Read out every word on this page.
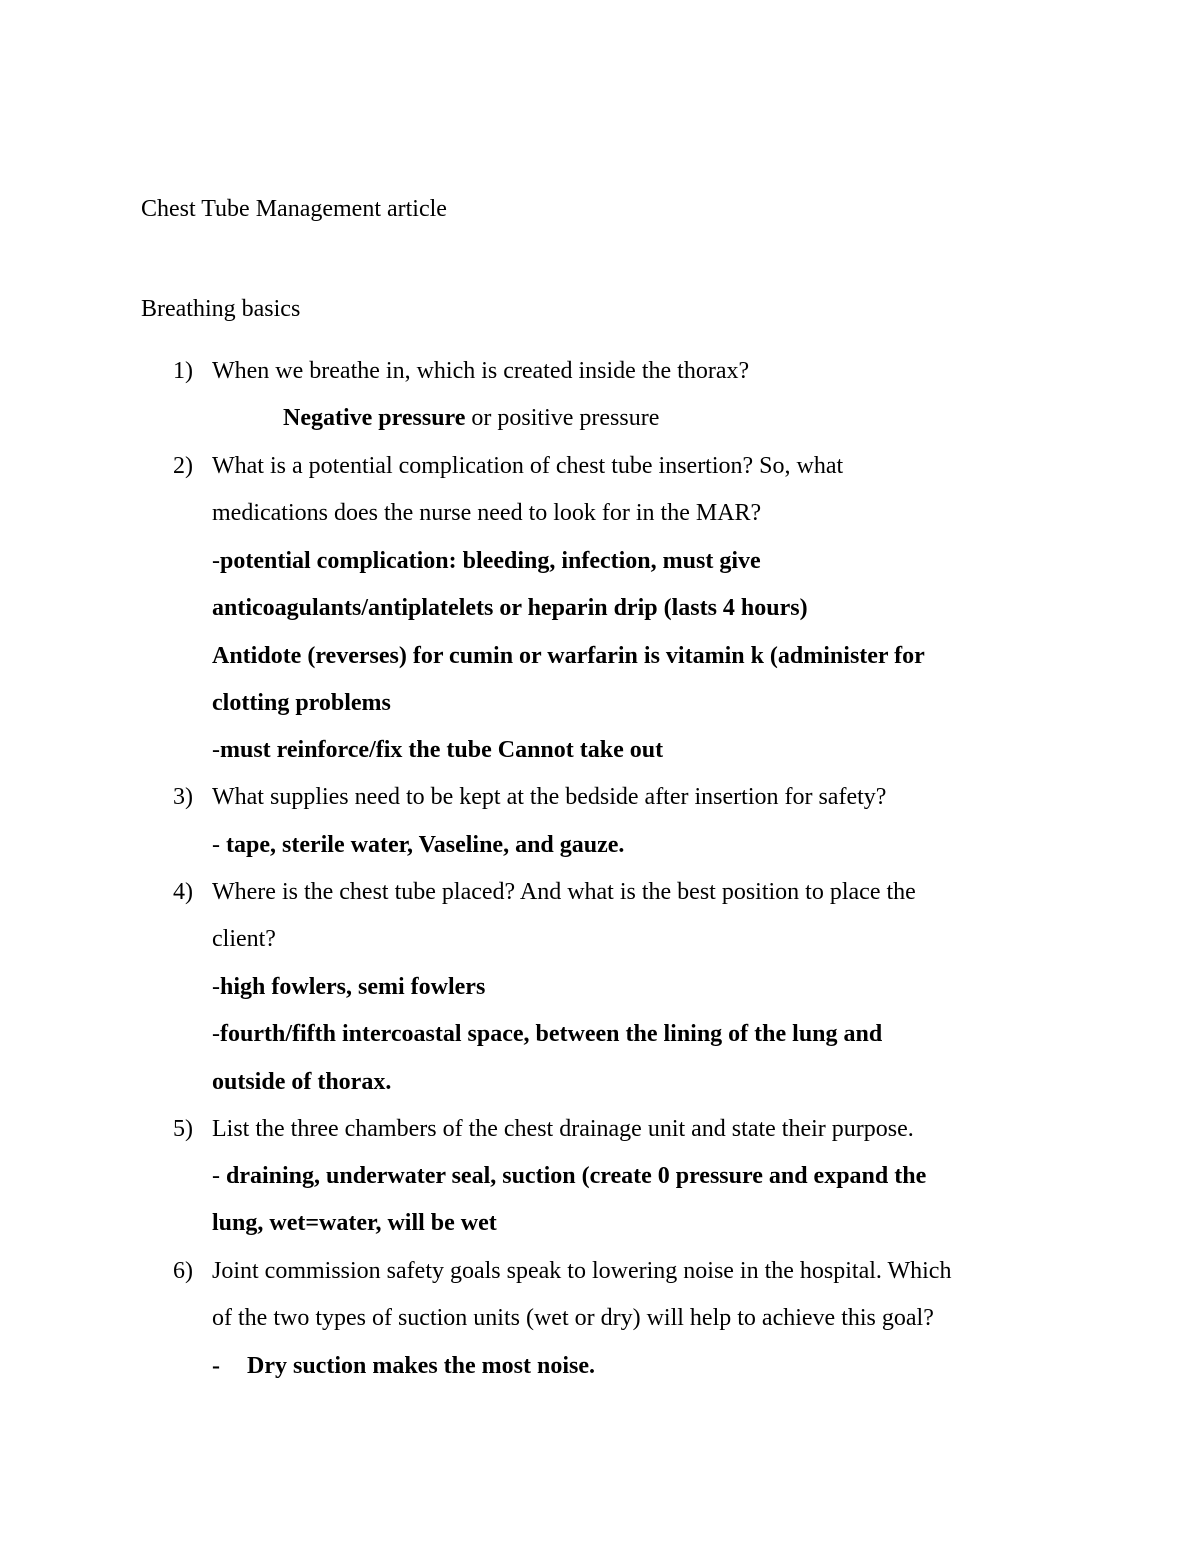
Chest Tube Management article
Breathing basics
1) When we breathe in, which is created inside the thorax?
Negative pressure or positive pressure
2) What is a potential complication of chest tube insertion? So, what
medications does the nurse need to look for in the MAR?
-potential complication: bleeding, infection, must give
anticoagulants/antiplatelets or heparin drip (lasts 4 hours)
Antidote (reverses) for cumin or warfarin is vitamin k (administer for
clotting problems
-must reinforce/fix the tube Cannot take out
3) What supplies need to be kept at the bedside after insertion for safety?
- tape, sterile water, Vaseline, and gauze.
4) Where is the chest tube placed? And what is the best position to place the
client?
-high fowlers, semi fowlers
-fourth/fifth intercoastal space, between the lining of the lung and
outside of thorax.
5) List the three chambers of the chest drainage unit and state their purpose.
- draining, underwater seal, suction (create 0 pressure and expand the
lung, wet=water, will be wet
6) Joint commission safety goals speak to lowering noise in the hospital. Which
of the two types of suction units (wet or dry) will help to achieve this goal?
- Dry suction makes the most noise.
